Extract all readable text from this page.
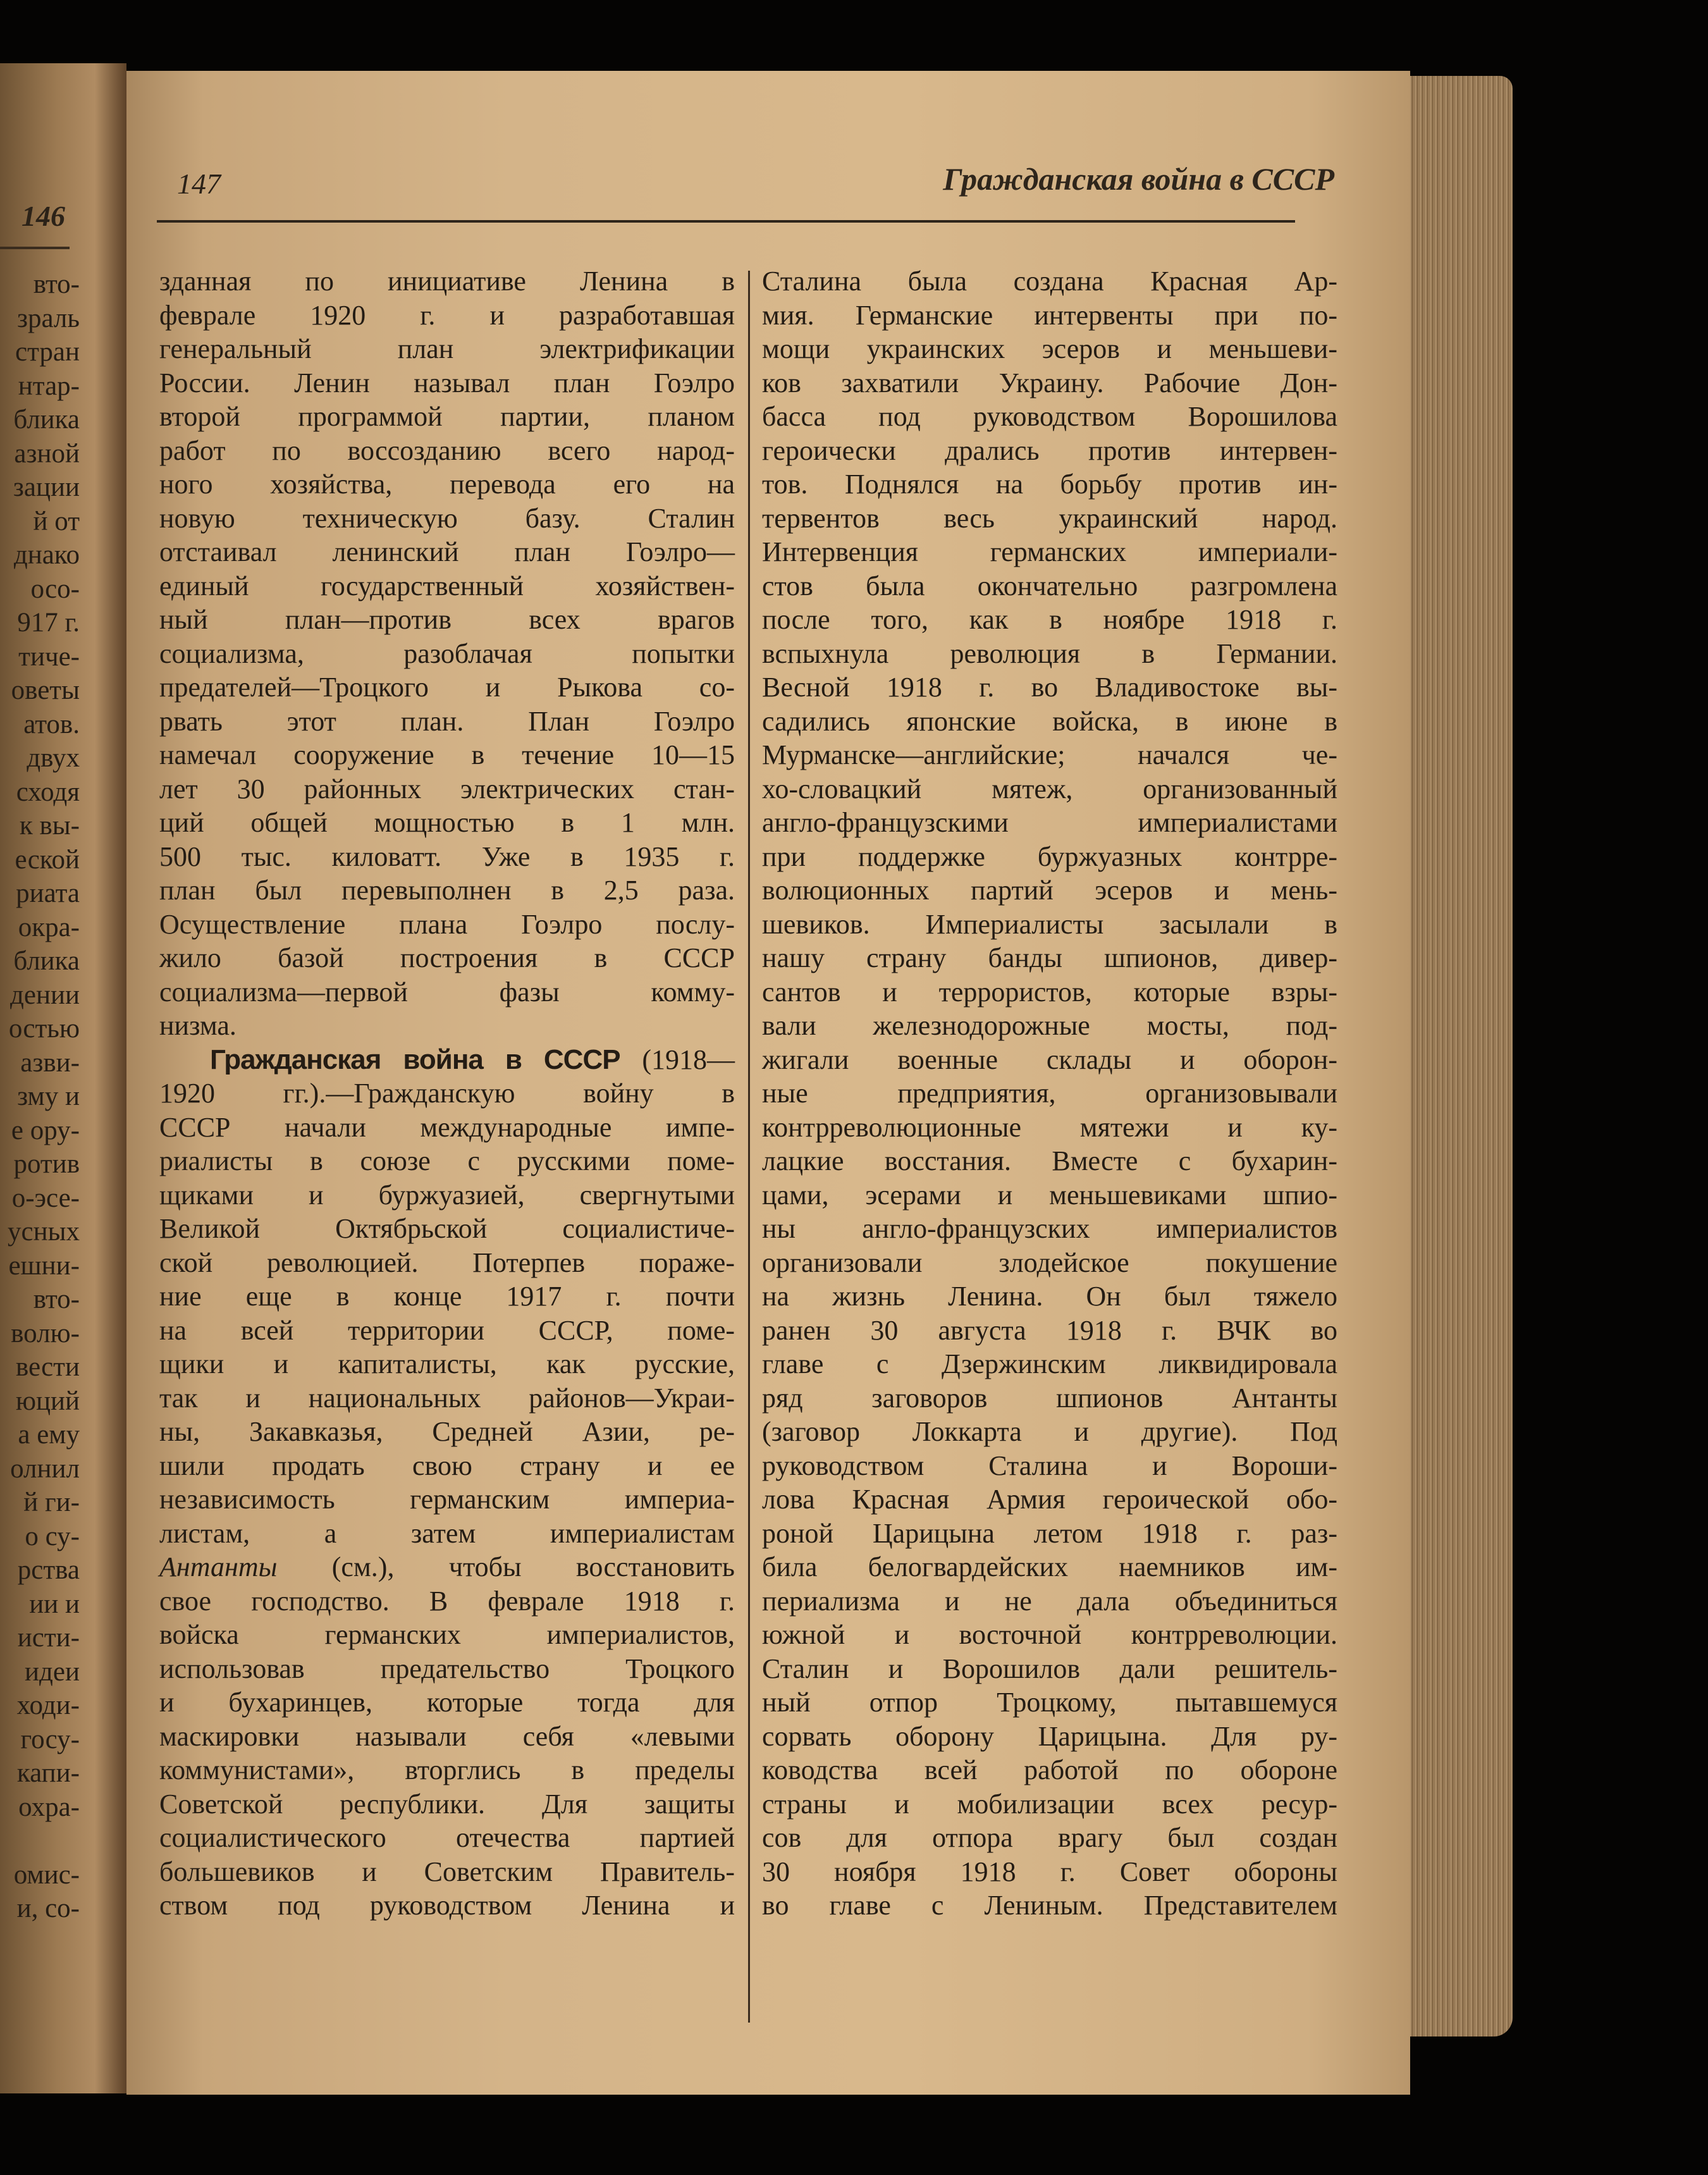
146
вто-
зраль
стран
нтар-
блика
азной
зации
й от
днако
осо-
917 г.
тиче-
оветы
атов.
двух
сходя
к вы-
еской
риата
окра-
блика
дении
остью
азви-
зму и
е ору-
ротив
о-эсе-
усных
ешни-
вто-
волю-
вести
юций
а ему
олнил
й ги-
о су-
рства
ии и
исти-
идеи
ходи-
госу-
капи-
охра-
омис-
и, со-
147	Гражданская война в СССР
зданная по инициативе Ленина в
феврале 1920 г. и разработавшая
генеральный план электрификации
России. Ленин называл план Гоэлро
второй программой партии, планом
работ по воссозданию всего народ-
ного хозяйства, перевода его на
новую техническую базу. Сталин
отстаивал ленинский план Гоэлро—
единый государственный хозяйствен-
ный план—против всех врагов
социализма, разоблачая попытки
предателей—Троцкого и Рыкова со-
рвать этот план. План Гоэлро
намечал сооружение в течение 10—15
лет 30 районных электрических стан-
ций общей мощностью в 1 млн.
500 тыс. киловатт. Уже в 1935 г.
план был перевыполнен в 2,5 раза.
Осуществление плана Гоэлро послу-
жило базой построения в СССР
социализма—первой фазы комму-
низма.
Гражданская война в СССР (1918—
1920 гг.).—Гражданскую войну в
СССР начали международные импе-
риалисты в союзе с русскими поме-
щиками и буржуазией, свергнутыми
Великой Октябрьской социалистиче-
ской революцией. Потерпев пораже-
ние еще в конце 1917 г. почти
на всей территории СССР, поме-
щики и капиталисты, как русские,
так и национальных районов—Украи-
ны, Закавказья, Средней Азии, ре-
шили продать свою страну и ее
независимость германским империа-
листам, а затем империалистам
Антанты (см.), чтобы восстановить
свое господство. В феврале 1918 г.
войска германских империалистов,
использовав предательство Троцкого
и бухаринцев, которые тогда для
маскировки называли себя «левыми
коммунистами», вторглись в пределы
Советской республики. Для защиты
социалистического отечества партией
большевиков и Советским Правитель-
ством под руководством Ленина и
Сталина была создана Красная Ар-
мия. Германские интервенты при по-
мощи украинских эсеров и меньшеви-
ков захватили Украину. Рабочие Дон-
басса под руководством Ворошилова
героически дрались против интервен-
тов. Поднялся на борьбу против ин-
тервентов весь украинский народ.
Интервенция германских империали-
стов была окончательно разгромлена
после того, как в ноябре 1918 г.
вспыхнула революция в Германии.
Весной 1918 г. во Владивостоке вы-
садились японские войска, в июне в
Мурманске—английские; начался че-
хо-словацкий мятеж, организованный
англо-французскими империалистами
при поддержке буржуазных контрре-
волюционных партий эсеров и мень-
шевиков. Империалисты засылали в
нашу страну банды шпионов, дивер-
сантов и террористов, которые взры-
вали железнодорожные мосты, под-
жигали военные склады и оборон-
ные предприятия, организовывали
контрреволюционные мятежи и ку-
лацкие восстания. Вместе с бухарин-
цами, эсерами и меньшевиками шпио-
ны англо-французских империалистов
организовали злодейское покушение
на жизнь Ленина. Он был тяжело
ранен 30 августа 1918 г. ВЧК во
главе с Дзержинским ликвидировала
ряд заговоров шпионов Антанты
(заговор Локкарта и другие). Под
руководством Сталина и Вороши-
лова Красная Армия героической обо-
роной Царицына летом 1918 г. раз-
била белогвардейских наемников им-
периализма и не дала объединиться
южной и восточной контрреволюции.
Сталин и Ворошилов дали решитель-
ный отпор Троцкому, пытавшемуся
сорвать оборону Царицына. Для ру-
ководства всей работой по обороне
страны и мобилизации всех ресур-
сов для отпора врагу был создан
30 ноября 1918 г. Совет обороны
во главе с Лениным. Представителем
